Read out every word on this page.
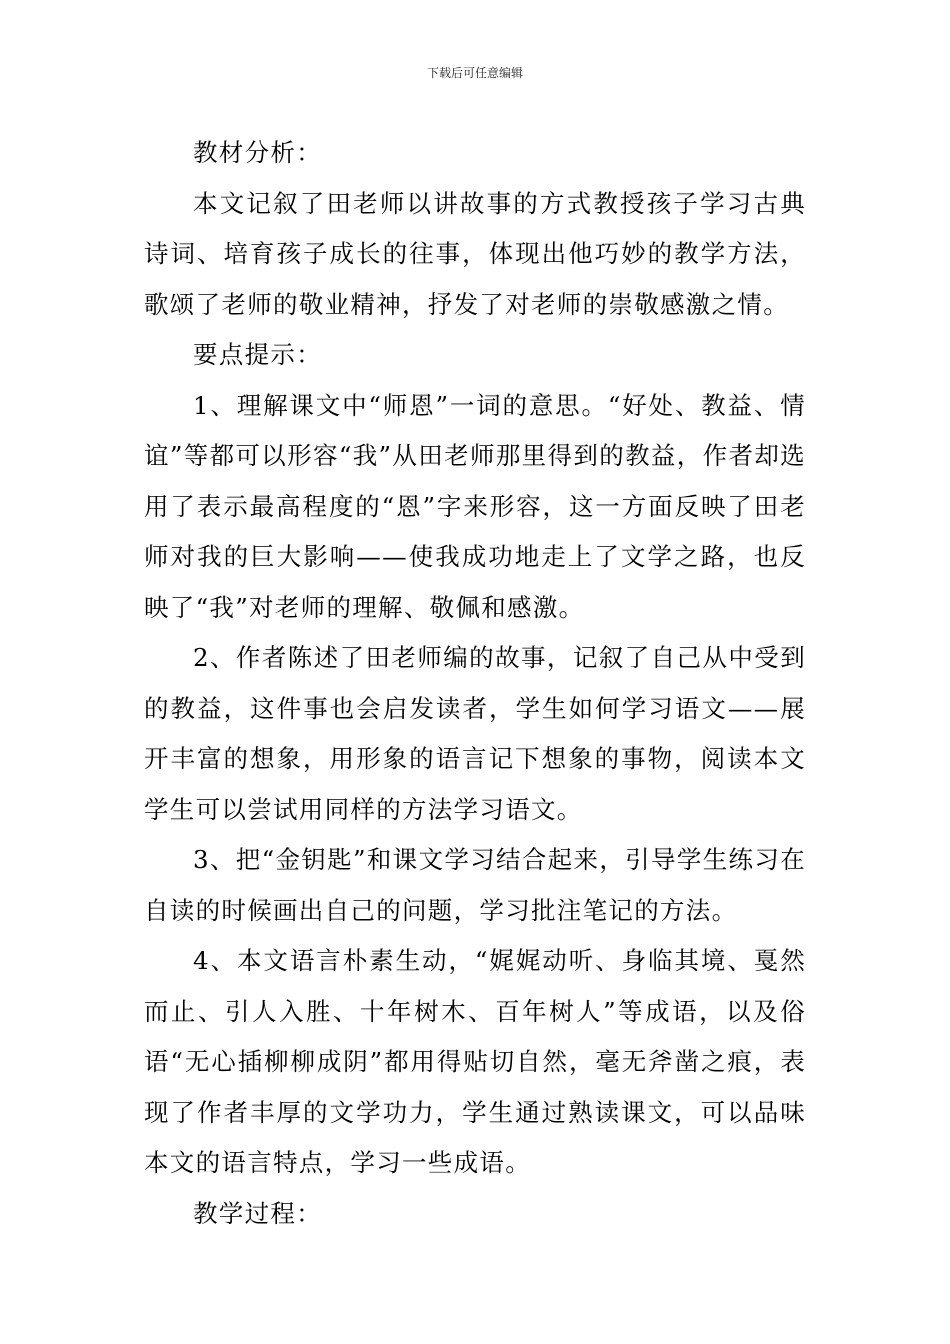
下载后可任意编辑

教材分析：

本文记叙了田老师以讲故事的方式教授孩子学习古典诗词、培育孩子成长的往事，体现出他巧妙的教学方法，歌颂了老师的敬业精神，抒发了对老师的崇敬感激之情。

要点提示：

1、理解课文中“师恩”一词的意思。“好处、教益、情谊”等都可以形容“我”从田老师那里得到的教益，作者却选用了表示最高程度的“恩”字来形容，这一方面反映了田老师对我的巨大影响——使我成功地走上了文学之路，也反映了“我”对老师的理解、敬佩和感激。

2、作者陈述了田老师编的故事，记叙了自己从中受到的教益，这件事也会启发读者，学生如何学习语文——展开丰富的想象，用形象的语言记下想象的事物，阅读本文学生可以尝试用同样的方法学习语文。

3、把“金钥匙”和课文学习结合起来，引导学生练习在自读的时候画出自己的问题，学习批注笔记的方法。

4、本文语言朴素生动，“娓娓动听、身临其境、戛然而止、引人入胜、十年树木、百年树人”等成语，以及俗语“无心插柳柳成阴”都用得贴切自然，毫无斧凿之痕，表现了作者丰厚的文学功力，学生通过熟读课文，可以品味本文的语言特点，学习一些成语。

教学过程：
